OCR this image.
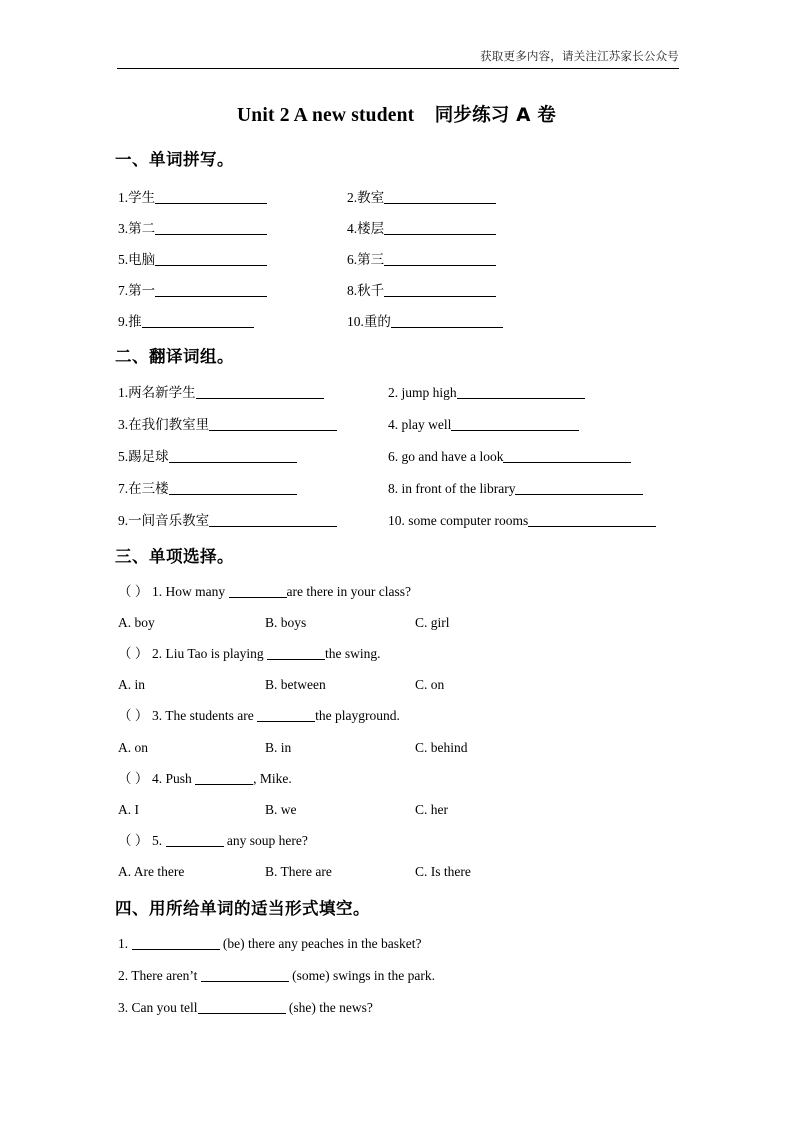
获取更多内容，请关注江苏家长公众号
Unit 2 A new student 同步练习 A 卷
一、单词拼写。
1.学生	2.教室
3.第二	4.楼层
5.电脑	6.第三
7.第一	8.秋千
9.推	10.重的
二、翻译词组。
1.两名新学生	2. jump high
3.在我们教室里	4. play well
5.踢足球	6. go and have a look
7.在三楼	8. in front of the library
9.一间音乐教室	10. some computer rooms
三、单项选择。
（ ） 1. How many	are there in your class?
A. boy	B. boys	C. girl
（ ） 2. Liu Tao is playing	the swing.
A. in	B. between	C. on
（ ） 3. The students are	the playground.
A. on	B. in	C. behind
（ ） 4. Push	, Mike.
A. I	B. we	C. her
（ ） 5.	any soup here?
A. Are there	B. There are	C. Is there
四、用所给单词的适当形式填空。
1.	(be) there any peaches in the basket?
2. There aren’t	(some) swings in the park.
3. Can you tell	(she) the news?
